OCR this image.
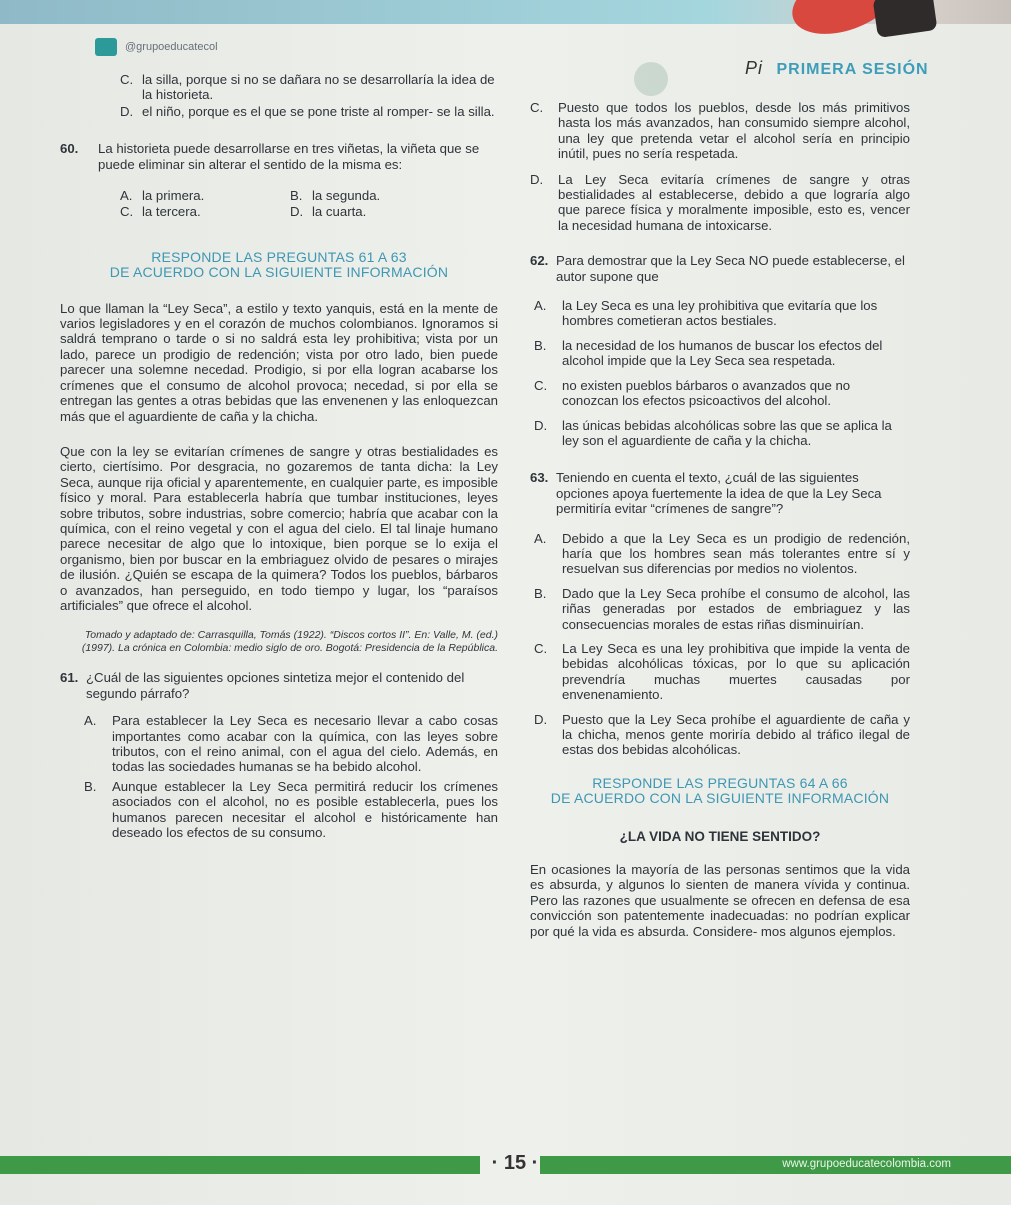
@grupoeducatecol
Pi PRIMERA SESIÓN
C. la silla, porque si no se dañara no se desarrollaría la idea de la historieta.
D. el niño, porque es el que se pone triste al romper- se la silla.
60.	La historieta puede desarrollarse en tres viñetas, la viñeta que se puede eliminar sin alterar el sentido de la misma es:
A. la primera.	B. la segunda.
C. la tercera.	D. la cuarta.
RESPONDE LAS PREGUNTAS 61 A 63
DE ACUERDO CON LA SIGUIENTE INFORMACIÓN

Lo que llaman la “Ley Seca”, a estilo y texto yanquis, está en la mente de varios legisladores y en el corazón de muchos colombianos. Ignoramos si saldrá temprano o tarde o si no saldrá esta ley prohibitiva; vista por un lado, parece un prodigio de redención; vista por otro lado, bien puede parecer una solemne necedad. Prodigio, si por ella logran acabarse los crímenes que el consumo de alcohol provoca; necedad, si por ella se entregan las gentes a otras bebidas que las envenenen y las enloquezcan más que el aguardiente de caña y la chicha.

Que con la ley se evitarían crímenes de sangre y otras bestialidades es cierto, ciertísimo. Por desgracia, no gozaremos de tanta dicha: la Ley Seca, aunque rija oficial y aparentemente, en cualquier parte, es imposible físico y moral. Para establecerla habría que tumbar instituciones, leyes sobre tributos, sobre industrias, sobre comercio; habría que acabar con la química, con el reino vegetal y con el agua del cielo. El tal linaje humano parece necesitar de algo que lo intoxique, bien porque se lo exija el organismo, bien por buscar en la embriaguez olvido de pesares o mirajes de ilusión. ¿Quién se escapa de la quimera? Todos los pueblos, bárbaros o avanzados, han perseguido, en todo tiempo y lugar, los “paraísos artificiales” que ofrece el alcohol.

Tomado y adaptado de: Carrasquilla, Tomás (1922). “Discos cortos II”. En: Valle, M. (ed.) (1997). La crónica en Colombia: medio siglo de oro. Bogotá: Presidencia de la República.

61. ¿Cuál de las siguientes opciones sintetiza mejor el contenido del segundo párrafo?
A.	Para establecer la Ley Seca es necesario llevar a cabo cosas importantes como acabar con la química, con las leyes sobre tributos, con el reino animal, con el agua del cielo. Además, en todas las sociedades humanas se ha bebido alcohol.
B.	Aunque establecer la Ley Seca permitirá reducir los crímenes asociados con el alcohol, no es posible establecerla, pues los humanos parecen necesitar el alcohol e históricamente han deseado los efectos de su consumo.
C.	Puesto que todos los pueblos, desde los más primitivos hasta los más avanzados, han consumido siempre alcohol, una ley que pretenda vetar el alcohol sería en principio inútil, pues no sería respetada.
D.	La Ley Seca evitaría crímenes de sangre y otras bestialidades al establecerse, debido a que lograría algo que parece física y moralmente imposible, esto es, vencer la necesidad humana de intoxicarse.
62. Para demostrar que la Ley Seca NO puede establecerse, el autor supone que
A.	la Ley Seca es una ley prohibitiva que evitaría que los hombres cometieran actos bestiales.
B.	la necesidad de los humanos de buscar los efectos del alcohol impide que la Ley Seca sea respetada.
C.	no existen pueblos bárbaros o avanzados que no conozcan los efectos psicoactivos del alcohol.
D.	las únicas bebidas alcohólicas sobre las que se aplica la ley son el aguardiente de caña y la chicha.
63. Teniendo en cuenta el texto, ¿cuál de las siguientes opciones apoya fuertemente la idea de que la Ley Seca permitiría evitar “crímenes de sangre”?
A.	Debido a que la Ley Seca es un prodigio de redención, haría que los hombres sean más tolerantes entre sí y resuelvan sus diferencias por medios no violentos.
B.	Dado que la Ley Seca prohíbe el consumo de alcohol, las riñas generadas por estados de embriaguez y las consecuencias morales de estas riñas disminuirían.
C.	La Ley Seca es una ley prohibitiva que impide la venta de bebidas alcohólicas tóxicas, por lo que su aplicación prevendría muchas muertes causadas por envenenamiento.
D.	Puesto que la Ley Seca prohíbe el aguardiente de caña y la chicha, menos gente moriría debido al tráfico ilegal de estas dos bebidas alcohólicas.
RESPONDE LAS PREGUNTAS 64 A 66
DE ACUERDO CON LA SIGUIENTE INFORMACIÓN
¿LA VIDA NO TIENE SENTIDO?

En ocasiones la mayoría de las personas sentimos que la vida es absurda, y algunos lo sienten de manera vívida y continua. Pero las razones que usualmente se ofrecen en defensa de esa convicción son patentemente inadecuadas: no podrían explicar por qué la vida es absurda. Considere- mos algunos ejemplos.

· 15 ·	www.grupoeducatecolombia.com
